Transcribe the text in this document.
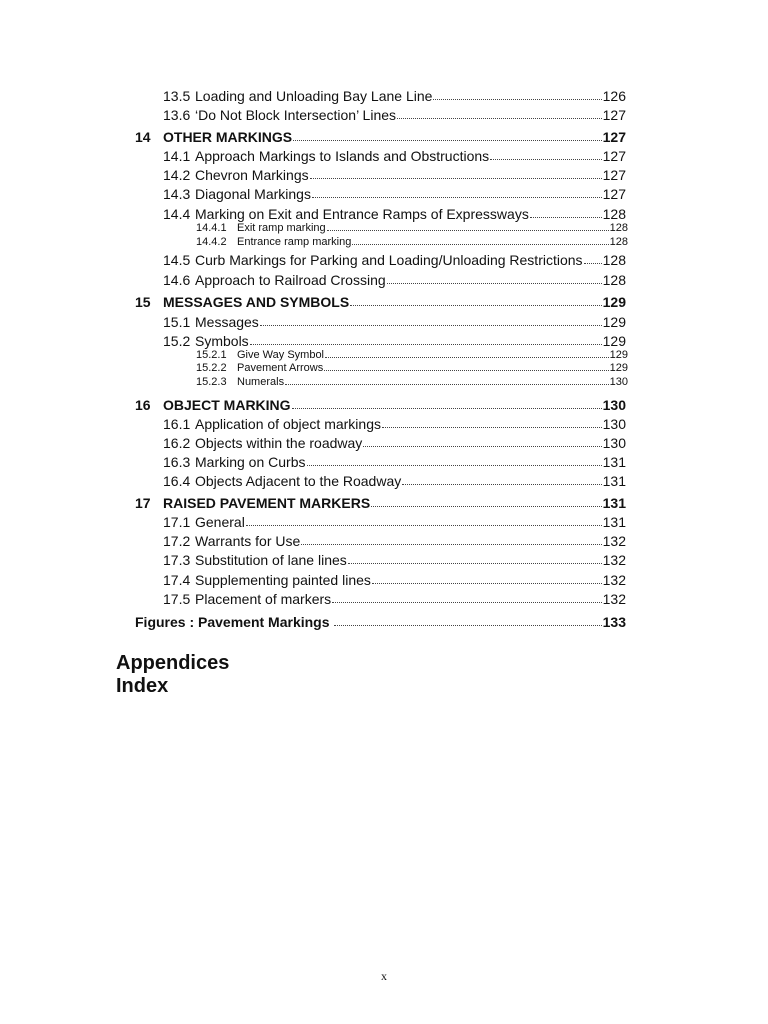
13.5 Loading and Unloading Bay Lane Line	126
13.6 ‘Do Not Block Intersection’ Lines	127
14 OTHER MARKINGS	127
14.1 Approach Markings to Islands and Obstructions	127
14.2 Chevron Markings	127
14.3 Diagonal Markings	127
14.4 Marking on Exit and Entrance Ramps of Expressways	128
14.4.1 Exit ramp marking	128
14.4.2 Entrance ramp marking	128
14.5 Curb Markings for Parking and Loading/Unloading Restrictions 128
14.6 Approach to Railroad Crossing	128
15 MESSAGES AND SYMBOLS	129
15.1 Messages	129
15.2 Symbols	129
15.2.1 Give Way Symbol	129
15.2.2 Pavement Arrows	129
15.2.3 Numerals	130
16 OBJECT MARKING	130
16.1 Application of object markings	130
16.2 Objects within the roadway	130
16.3 Marking on Curbs	131
16.4 Objects Adjacent to the Roadway	131
17 RAISED PAVEMENT MARKERS	131
17.1 General	131
17.2 Warrants for Use	132
17.3 Substitution of lane lines	132
17.4 Supplementing painted lines	132
17.5 Placement of markers	132
Figures : Pavement Markings	133
Appendices
Index
x
